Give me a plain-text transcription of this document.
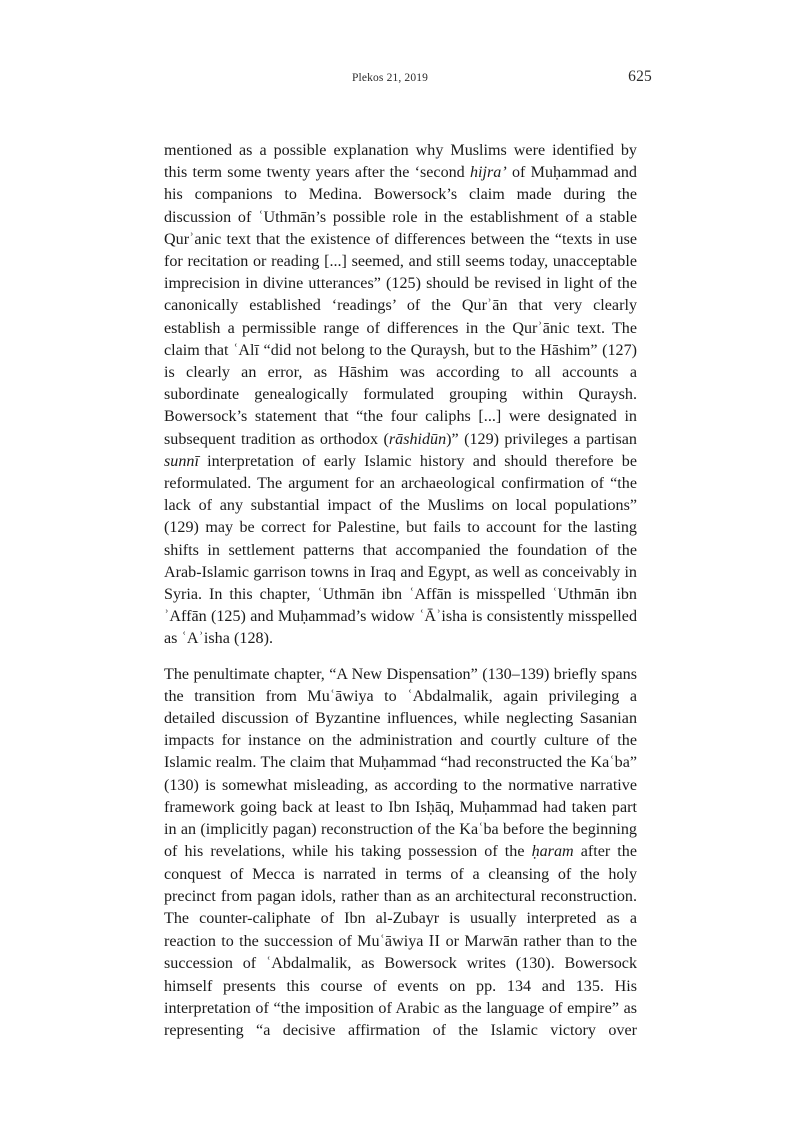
Plekos 21, 2019	625

mentioned as a possible explanation why Muslims were identified by this term some twenty years after the ‘second hijra’ of Muḥammad and his companions to Medina. Bowersock’s claim made during the discussion of ʿUthmān’s possible role in the establishment of a stable Qurʾanic text that the existence of differences between the “texts in use for recitation or reading [...] seemed, and still seems today, unacceptable imprecision in divine utterances” (125) should be revised in light of the canonically established ‘readings’ of the Qurʾān that very clearly establish a permissible range of differences in the Qurʾānic text. The claim that ʿAlī “did not belong to the Quraysh, but to the Hāshim” (127) is clearly an error, as Hāshim was according to all accounts a subordinate genealogically formulated grouping within Quraysh. Bowersock’s statement that “the four caliphs [...] were designated in subsequent tradition as orthodox (rāshidūn)” (129) privileges a partisan sunnī interpretation of early Islamic history and should therefore be reformulated. The argument for an archaeological confirmation of “the lack of any substantial impact of the Muslims on local populations” (129) may be correct for Palestine, but fails to account for the lasting shifts in settlement patterns that accompanied the foundation of the Arab-Islamic garrison towns in Iraq and Egypt, as well as conceivably in Syria. In this chapter, ʿUthmān ibn ʿAffān is misspelled ʿUthmān ibn ʾAffān (125) and Muḥammad’s widow ʿĀʾisha is consistently misspelled as ʿAʾisha (128).

The penultimate chapter, “A New Dispensation” (130–139) briefly spans the transition from Muʿāwiya to ʿAbdalmalik, again privileging a detailed discussion of Byzantine influences, while neglecting Sasanian impacts for instance on the administration and courtly culture of the Islamic realm. The claim that Muḥammad “had reconstructed the Kaʿba” (130) is somewhat misleading, as according to the normative narrative framework going back at least to Ibn Isḥāq, Muḥammad had taken part in an (implicitly pagan) reconstruction of the Kaʿba before the beginning of his revelations, while his taking possession of the ḥaram after the conquest of Mecca is narrated in terms of a cleansing of the holy precinct from pagan idols, rather than as an architectural reconstruction. The counter-caliphate of Ibn al-Zubayr is usually interpreted as a reaction to the succession of Muʿāwiya II or Marwān rather than to the succession of ʿAbdalmalik, as Bowersock writes (130). Bowersock himself presents this course of events on pp. 134 and 135. His interpretation of “the imposition of Arabic as the language of empire” as representing “a decisive affirmation of the Islamic victory over
